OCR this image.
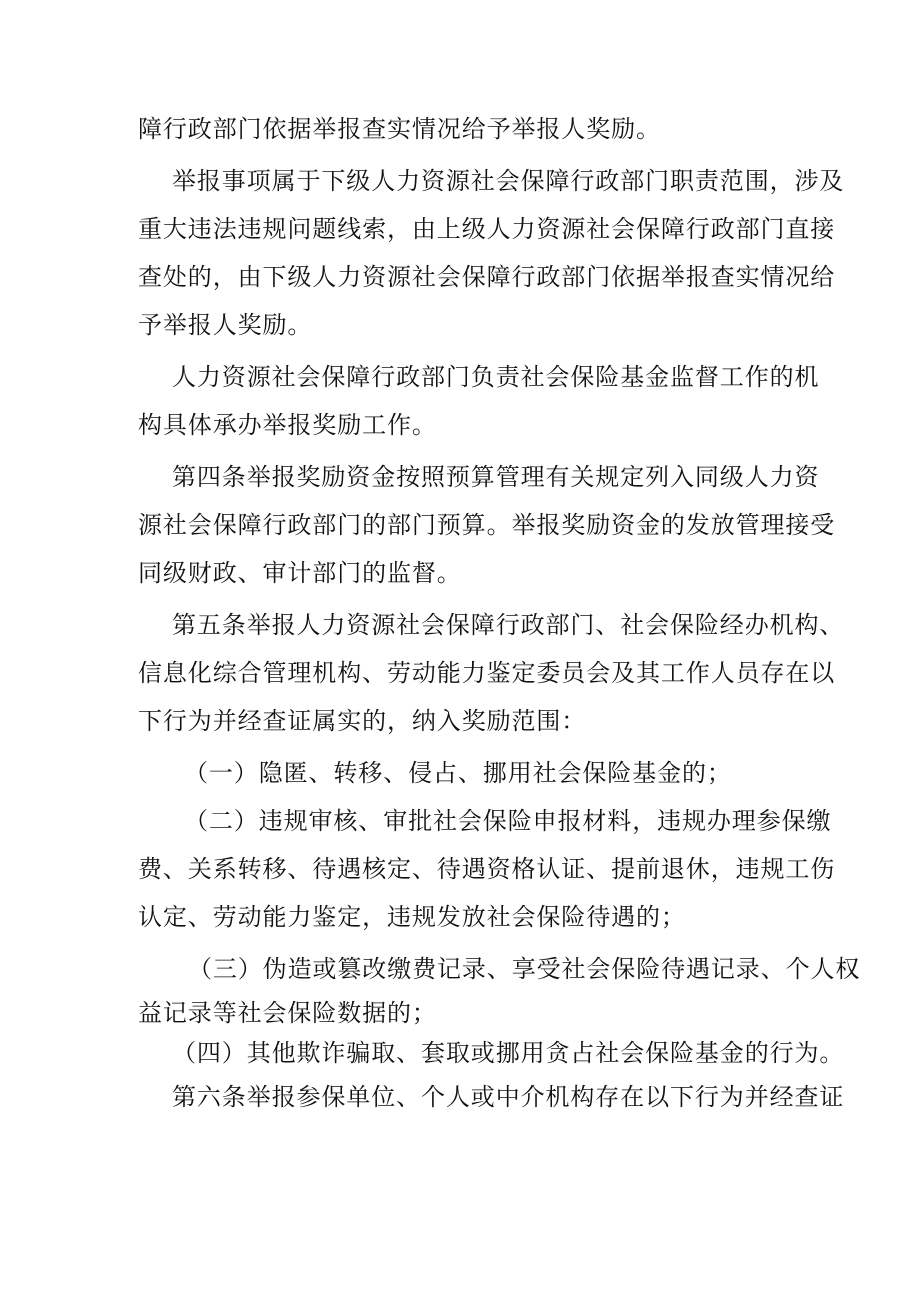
障行政部门依据举报查实情况给予举报人奖励。
举报事项属于下级人力资源社会保障行政部门职责范围，涉及
重大违法违规问题线索，由上级人力资源社会保障行政部门直接
查处的，由下级人力资源社会保障行政部门依据举报查实情况给
予举报人奖励。
人力资源社会保障行政部门负责社会保险基金监督工作的机
构具体承办举报奖励工作。
第四条举报奖励资金按照预算管理有关规定列入同级人力资
源社会保障行政部门的部门预算。举报奖励资金的发放管理接受
同级财政、审计部门的监督。
第五条举报人力资源社会保障行政部门、社会保险经办机构、
信息化综合管理机构、劳动能力鉴定委员会及其工作人员存在以
下行为并经查证属实的，纳入奖励范围：
（一）隐匿、转移、侵占、挪用社会保险基金的；
（二）违规审核、审批社会保险申报材料，违规办理参保缴
费、关系转移、待遇核定、待遇资格认证、提前退休，违规工伤
认定、劳动能力鉴定，违规发放社会保险待遇的；
（三）伪造或篡改缴费记录、享受社会保险待遇记录、个人权
益记录等社会保险数据的；
（四）其他欺诈骗取、套取或挪用贪占社会保险基金的行为。
第六条举报参保单位、个人或中介机构存在以下行为并经查证
